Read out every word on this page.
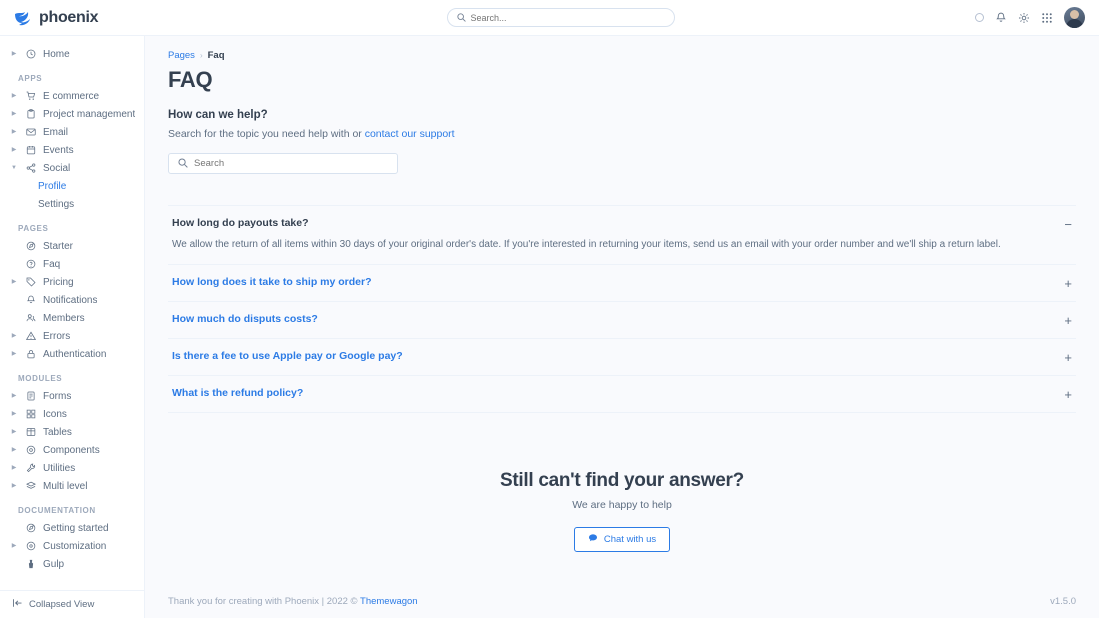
phoenix
Search...
▶	Home
APPS
▶	E commerce
▶	Project management
▶	Email
▶	Events
▼	Social
Profile
Settings
PAGES
Starter
Faq
▶	Pricing
Notifications
Members
▶	Errors
▶	Authentication
MODULES
▶	Forms
▶	Icons
▶	Tables
▶	Components
▶	Utilities
▶	Multi level
DOCUMENTATION
Getting started
▶	Customization
Gulp
Collapsed View
Pages › Faq
FAQ
How can we help?
Search for the topic you need help with or contact our support
Search
How long do payouts take?	−
We allow the return of all items within 30 days of your original order's date. If you're interested in returning your items, send us an email with your order number and we'll ship a return label.
How long does it take to ship my order?	+
How much do disputs costs?	+
Is there a fee to use Apple pay or Google pay?	+
What is the refund policy?	+
Still can't find your answer?
We are happy to help
Chat with us
Thank you for creating with Phoenix | 2022 © Themewagon	v1.5.0
